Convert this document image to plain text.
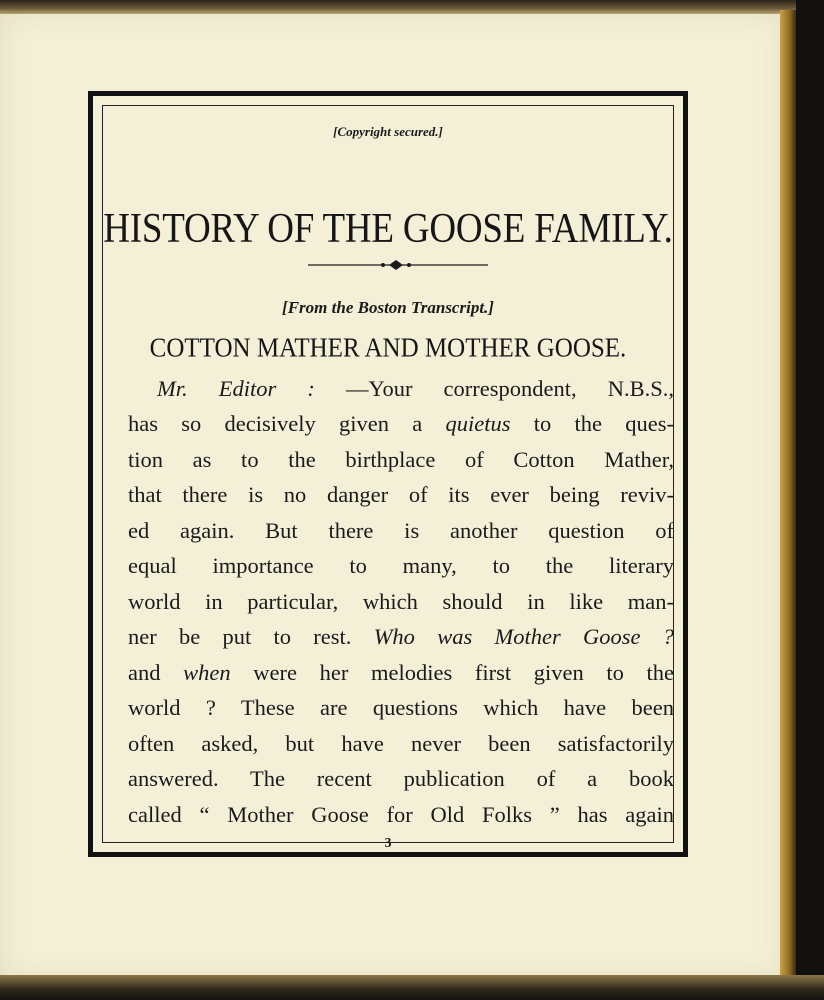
[Copyright secured.]
HISTORY OF THE GOOSE FAMILY.
[From the Boston Transcript.]
COTTON MATHER AND MOTHER GOOSE.
Mr. Editor : —Your correspondent, N.B.S.,
has so decisively given a quietus to the ques-
tion as to the birthplace of Cotton Mather,
that there is no danger of its ever being reviv-
ed again. But there is another question of
equal importance to many, to the literary
world in particular, which should in like man-
ner be put to rest. Who was Mother Goose ?
and when were her melodies first given to the
world ? These are questions which have been
often asked, but have never been satisfactorily
answered. The recent publication of a book
called “ Mother Goose for Old Folks ” has again
3
